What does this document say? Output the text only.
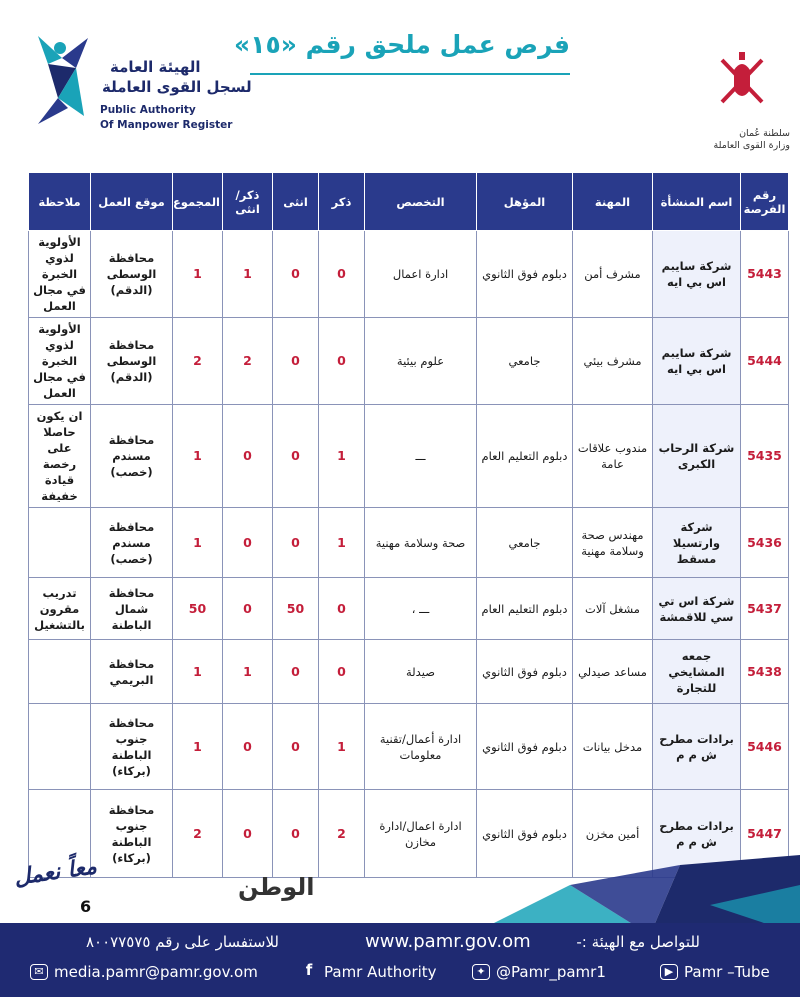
الهيئة العامة
لسجل القوى العاملة
Public Authority
Of Manpower Register
فرص عمل ملحق رقم «١٥»
سلطنة عُمان
وزارة القوى العاملة
رقم الفرصة	اسم المنشأة	المهنة	المؤهل	التخصص	ذكر	انثى	ذكر/انثى	المجموع	موقع العمل	ملاحظة
5443	شركة سايبم اس بي ايه	مشرف أمن	دبلوم فوق الثانوي	ادارة اعمال	0	0	1	1	محافظة الوسطى (الدقم)	الأولوية لذوي الخبرة في مجال العمل
5444	شركة سايبم اس بي ايه	مشرف بيئي	جامعي	علوم بيئية	0	0	2	2	محافظة الوسطى (الدقم)	الأولوية لذوي الخبرة في مجال العمل
5435	شركة الرحاب الكبرى	مندوب علاقات عامة	دبلوم التعليم العام	ـــ	1	0	0	1	محافظة مسندم (خصب)	ان يكون حاصلا على رخصة قيادة خفيفة
5436	شركة وارتسيلا مسقط	مهندس صحة وسلامة مهنية	جامعي	صحة وسلامة مهنية	1	0	0	1	محافظة مسندم (خصب)	
5437	شركة اس تي سي للاقمشة	مشغل آلات	دبلوم التعليم العام	ـــ ،	0	50	0	50	محافظة شمال الباطنة	تدريب مقرون بالتشغيل
5438	جمعه المشايخي للتجارة	مساعد صيدلي	دبلوم فوق الثانوي	صيدلة	0	0	1	1	محافظة البريمي	
5446	برادات مطرح ش م م	مدخل بيانات	دبلوم فوق الثانوي	ادارة أعمال/تقنية معلومات	1	0	0	1	محافظة جنوب الباطنة (بركاء)	
5447	برادات مطرح ش م م	أمين مخزن	دبلوم فوق الثانوي	ادارة اعمال/ادارة مخازن	2	0	0	2	محافظة جنوب الباطنة (بركاء)	
معاً نعمل
6
الوطن
للتواصل مع الهيئة :-
www.pamr.gov.om
للاستفسار على رقم ٨٠٠٧٧٥٧٥
✉ media.pamr@pamr.gov.om	f Pamr Authority	✦ @Pamr_pamr1	▶ Pamr –Tube
